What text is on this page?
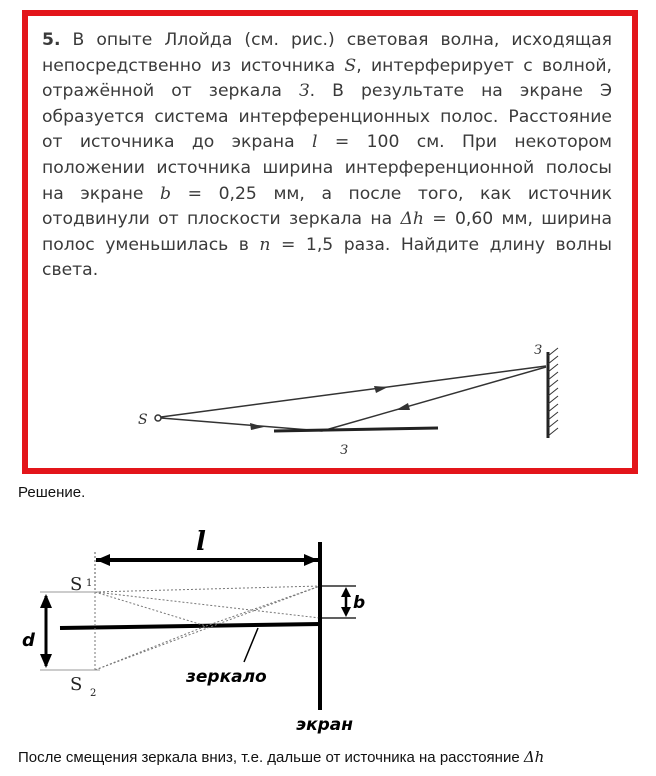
5. В опыте Ллойда (см. рис.) световая волна, исходящая непосредственно из источника S, интерферирует с волной, отражённой от зеркала З. В результате на экране Э образуется система интерференционных полос. Расстояние от источника до экрана l = 100 см. При некотором положении источника ширина интерференционной полосы на экране b = 0,25 мм, а после того, как источник отодвинули от плоскости зеркала на Δh = 0,60 мм, ширина полос уменьшилась в n = 1,5 раза. Найдите длину волны света.

S
З
З

Решение.

l
экран
зеркало
S 1
S 2
d
b

После смещения зеркала вниз, т.е. дальше от источника на расстояние Δh
